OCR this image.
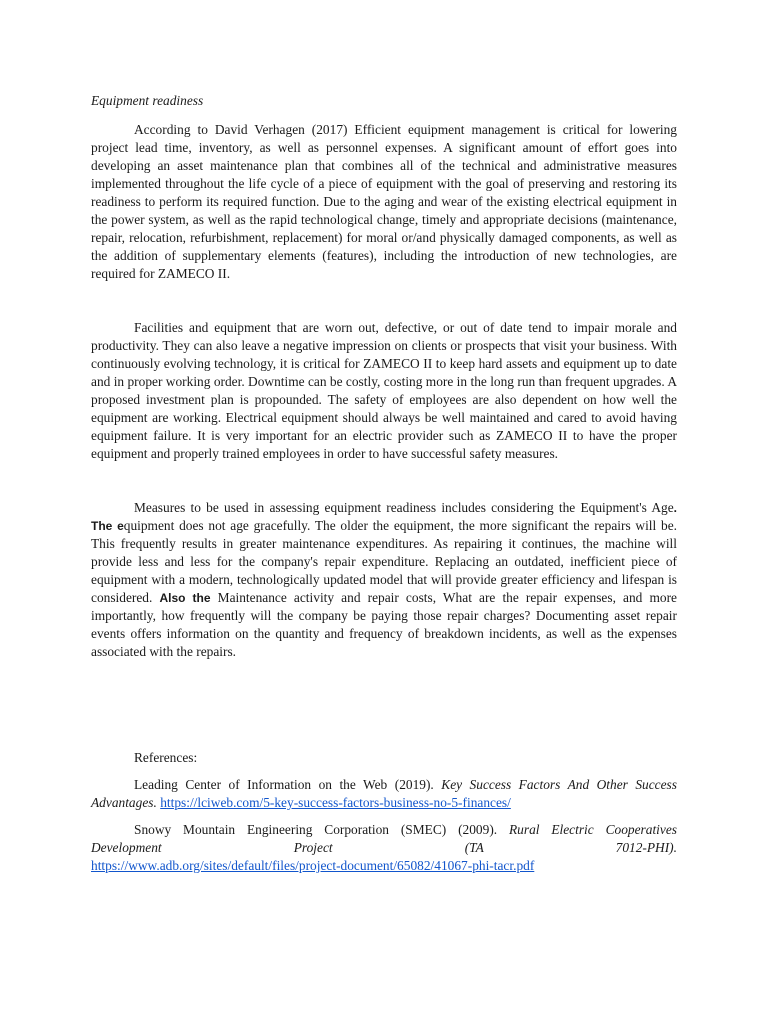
Equipment readiness

According to David Verhagen (2017) Efficient equipment management is critical for lowering project lead time, inventory, as well as personnel expenses. A significant amount of effort goes into developing an asset maintenance plan that combines all of the technical and administrative measures implemented throughout the life cycle of a piece of equipment with the goal of preserving and restoring its readiness to perform its required function. Due to the aging and wear of the existing electrical equipment in the power system, as well as the rapid technological change, timely and appropriate decisions (maintenance, repair, relocation, refurbishment, replacement) for moral or/and physically damaged components, as well as the addition of supplementary elements (features), including the introduction of new technologies, are required for ZAMECO II.

Facilities and equipment that are worn out, defective, or out of date tend to impair morale and productivity. They can also leave a negative impression on clients or prospects that visit your business. With continuously evolving technology, it is critical for ZAMECO II to keep hard assets and equipment up to date and in proper working order. Downtime can be costly, costing more in the long run than frequent upgrades. A proposed investment plan is propounded. The safety of employees are also dependent on how well the equipment are working. Electrical equipment should always be well maintained and cared to avoid having equipment failure. It is very important for an electric provider such as ZAMECO II to have the proper equipment and properly trained employees in order to have successful safety measures.

Measures to be used in assessing equipment readiness includes considering the Equipment's Age. The equipment does not age gracefully. The older the equipment, the more significant the repairs will be. This frequently results in greater maintenance expenditures. As repairing it continues, the machine will provide less and less for the company's repair expenditure. Replacing an outdated, inefficient piece of equipment with a modern, technologically updated model that will provide greater efficiency and lifespan is considered. Also the Maintenance activity and repair costs, What are the repair expenses, and more importantly, how frequently will the company be paying those repair charges? Documenting asset repair events offers information on the quantity and frequency of breakdown incidents, as well as the expenses associated with the repairs.

References:

Leading Center of Information on the Web (2019). Key Success Factors And Other Success Advantages. https://lciweb.com/5-key-success-factors-business-no-5-finances/

Snowy Mountain Engineering Corporation (SMEC) (2009). Rural Electric Cooperatives

Development Project (TA 7012-PHI).

https://www.adb.org/sites/default/files/project-document/65082/41067-phi-tacr.pdf
